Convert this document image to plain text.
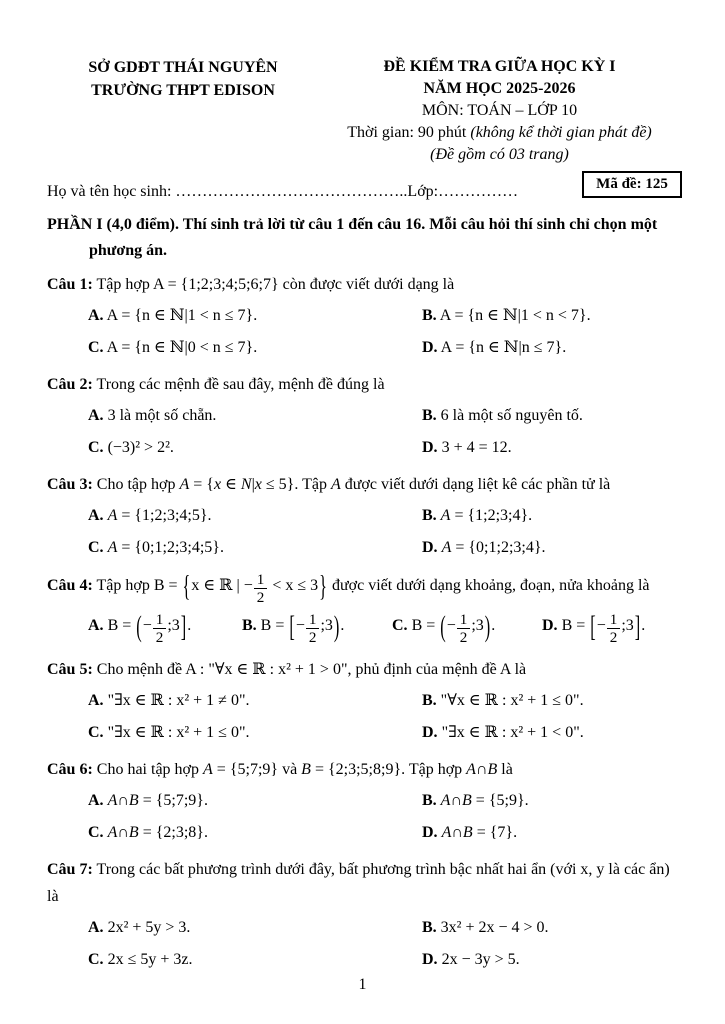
SỞ GDĐT THÁI NGUYÊN
TRƯỜNG THPT EDISON
ĐỀ KIỂM TRA GIỮA HỌC KỲ I
NĂM HỌC 2025-2026
MÔN: TOÁN – LỚP 10
Thời gian: 90 phút (không kể thời gian phát đề)
(Đề gồm có 03 trang)
Họ và tên học sinh: ……………………………………..Lớp:……………	Mã đề: 125

PHẦN I (4,0 điểm). Thí sinh trả lời từ câu 1 đến câu 16. Mỗi câu hỏi thí sinh chỉ chọn một phương án.

Câu 1: Tập hợp A = {1;2;3;4;5;6;7} còn được viết dưới dạng là

A. A = {n ∈ ℕ|1 < n ≤ 7}.	B. A = {n ∈ ℕ|1 < n < 7}.
C. A = {n ∈ ℕ|0 < n ≤ 7}.	D. A = {n ∈ ℕ|n ≤ 7}.

Câu 2: Trong các mệnh đề sau đây, mệnh đề đúng là

A. 3 là một số chẵn.	B. 6 là một số nguyên tố.
C. (−3)² > 2².	D. 3 + 4 = 12.

Câu 3: Cho tập hợp A = {x ∈ N|x ≤ 5}. Tập A được viết dưới dạng liệt kê các phần tử là

A. A = {1;2;3;4;5}.	B. A = {1;2;3;4}.
C. A = {0;1;2;3;4;5}.	D. A = {0;1;2;3;4}.

Câu 4: Tập hợp B = {x ∈ ℝ | − $\frac{1}{2} < x \le 3$} được viết dưới dạng khoảng, đoạn, nửa khoảng là

A. B = (− $\frac{1}{2}$ ;3].	B. B = [− $\frac{1}{2}$ ;3).	C. B = (− $\frac{1}{2}$ ;3).	D. B = [− $\frac{1}{2}$ ;3].

Câu 5: Cho mệnh đề A : "∀x ∈ ℝ : x² + 1 > 0", phủ định của mệnh đề A là

A. "∃x ∈ ℝ : x² + 1 ≠ 0".	B. "∀x ∈ ℝ : x² + 1 ≤ 0".
C. "∃x ∈ ℝ : x² + 1 ≤ 0".	D. "∃x ∈ ℝ : x² + 1 < 0".

Câu 6: Cho hai tập hợp A = {5;7;9} và B = {2;3;5;8;9}. Tập hợp A∩B là

A. A∩B = {5;7;9}.	B. A∩B = {5;9}.
C. A∩B = {2;3;8}.	D. A∩B = {7}.

Câu 7: Trong các bất phương trình dưới đây, bất phương trình bậc nhất hai ẩn (với x, y là các ẩn) là

A. 2x² + 5y > 3.	B. 3x² + 2x − 4 > 0.
C. 2x ≤ 5y + 3z.	D. 2x − 3y > 5.
1
